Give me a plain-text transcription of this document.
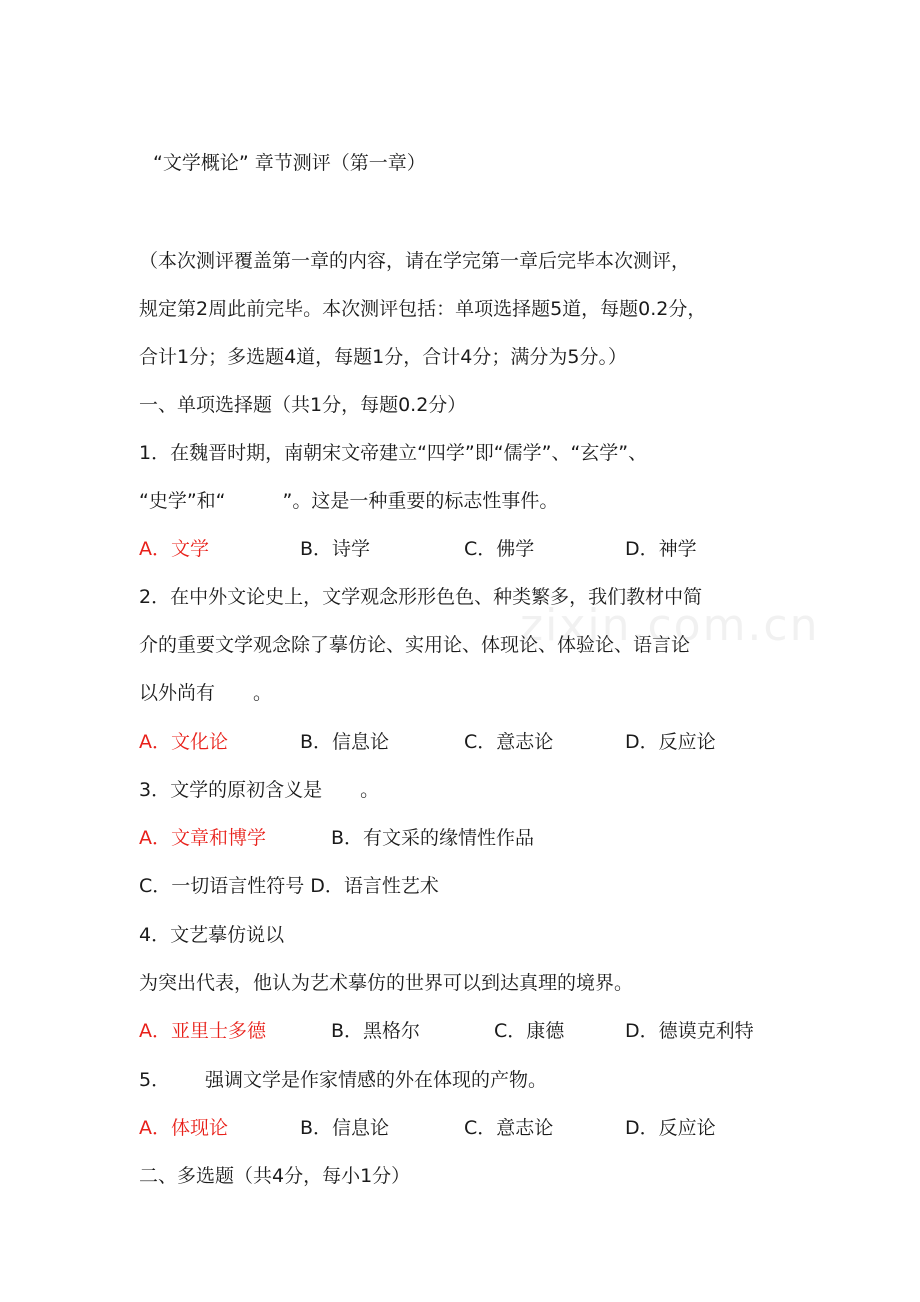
zixin.com.cn
“文学概论” 章节测评（第一章）
（本次测评覆盖第一章的内容，请在学完第一章后完毕本次测评，
规定第2周此前完毕。本次测评包括：单项选择题5道，每题0.2分，
合计1分；多选题4道，每题1分，合计4分；满分为5分。）
一、单项选择题（共1分，每题0.2分）
1．在魏晋时期，南朝宋文帝建立“四学”即“儒学”、“玄学”、
“史学”和“　　　”。这是一种重要的标志性事件。
A．文学	B．诗学	C．佛学	D．神学
2．在中外文论史上，文学观念形形色色、种类繁多，我们教材中简
介的重要文学观念除了摹仿论、实用论、体现论、体验论、语言论
以外尚有　　。
A．文化论	B．信息论	C．意志论	D．反应论
3．文学的原初含义是　　。
A．文章和博学	B．有文采的缘情性作品
C．一切语言性符号 D．语言性艺术
4．文艺摹仿说以
为突出代表，他认为艺术摹仿的世界可以到达真理的境界。
A．亚里士多德	B．黑格尔	C．康德	D．德谟克利特
5． 强调文学是作家情感的外在体现的产物。
A．体现论	B．信息论	C．意志论	D．反应论
二、多选题（共4分，每小1分）
